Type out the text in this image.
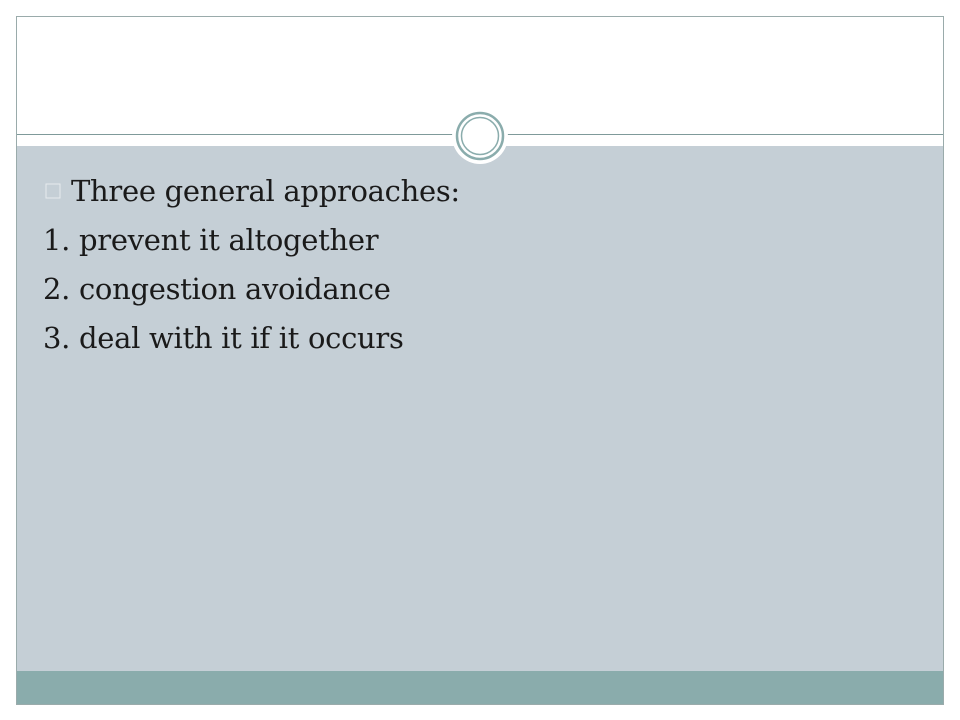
Three general approaches:
1. prevent it altogether
2. congestion avoidance
3. deal with it if it occurs
